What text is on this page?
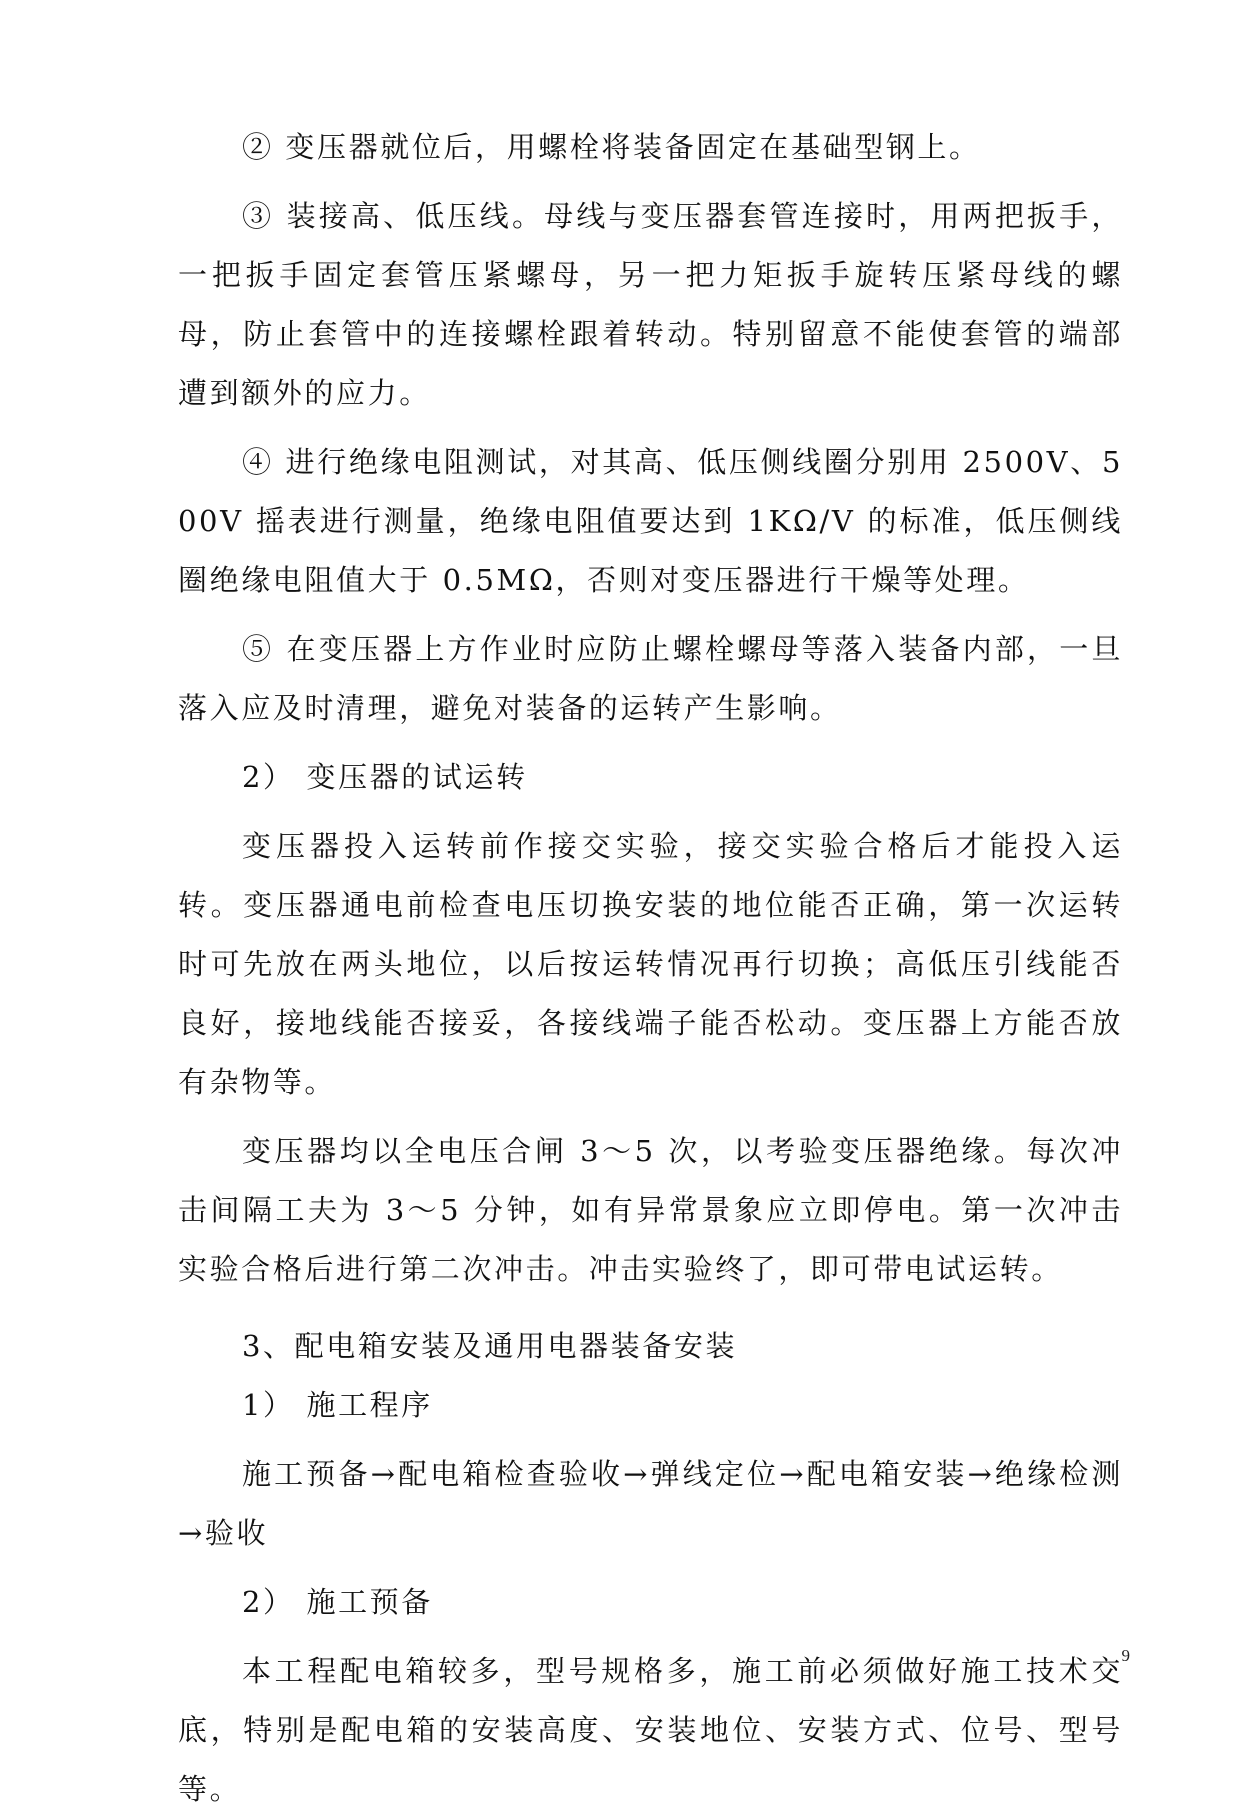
② 变压器就位后，用螺栓将装备固定在基础型钢上。

③ 装接高、低压线。母线与变压器套管连接时，用两把扳手，一把扳手固定套管压紧螺母，另一把力矩扳手旋转压紧母线的螺母，防止套管中的连接螺栓跟着转动。特别留意不能使套管的端部遭到额外的应力。

④ 进行绝缘电阻测试，对其高、低压侧线圈分别用 2500V、500V 摇表进行测量，绝缘电阻值要达到 1KΩ/V 的标准，低压侧线圈绝缘电阻值大于 0.5MΩ，否则对变压器进行干燥等处理。

⑤ 在变压器上方作业时应防止螺栓螺母等落入装备内部，一旦落入应及时清理，避免对装备的运转产生影响。

2） 变压器的试运转

变压器投入运转前作接交实验，接交实验合格后才能投入运转。变压器通电前检查电压切换安装的地位能否正确，第一次运转时可先放在两头地位，以后按运转情况再行切换；高低压引线能否良好，接地线能否接妥，各接线端子能否松动。变压器上方能否放有杂物等。

变压器均以全电压合闸 3～5 次，以考验变压器绝缘。每次冲击间隔工夫为 3～5 分钟，如有异常景象应立即停电。第一次冲击实验合格后进行第二次冲击。冲击实验终了，即可带电试运转。

3、配电箱安装及通用电器装备安装

1） 施工程序

施工预备→配电箱检查验收→弹线定位→配电箱安装→绝缘检测→验收

2） 施工预备

本工程配电箱较多，型号规格多，施工前必须做好施工技术交底，特别是配电箱的安装高度、安装地位、安装方式、位号、型号等。

9
